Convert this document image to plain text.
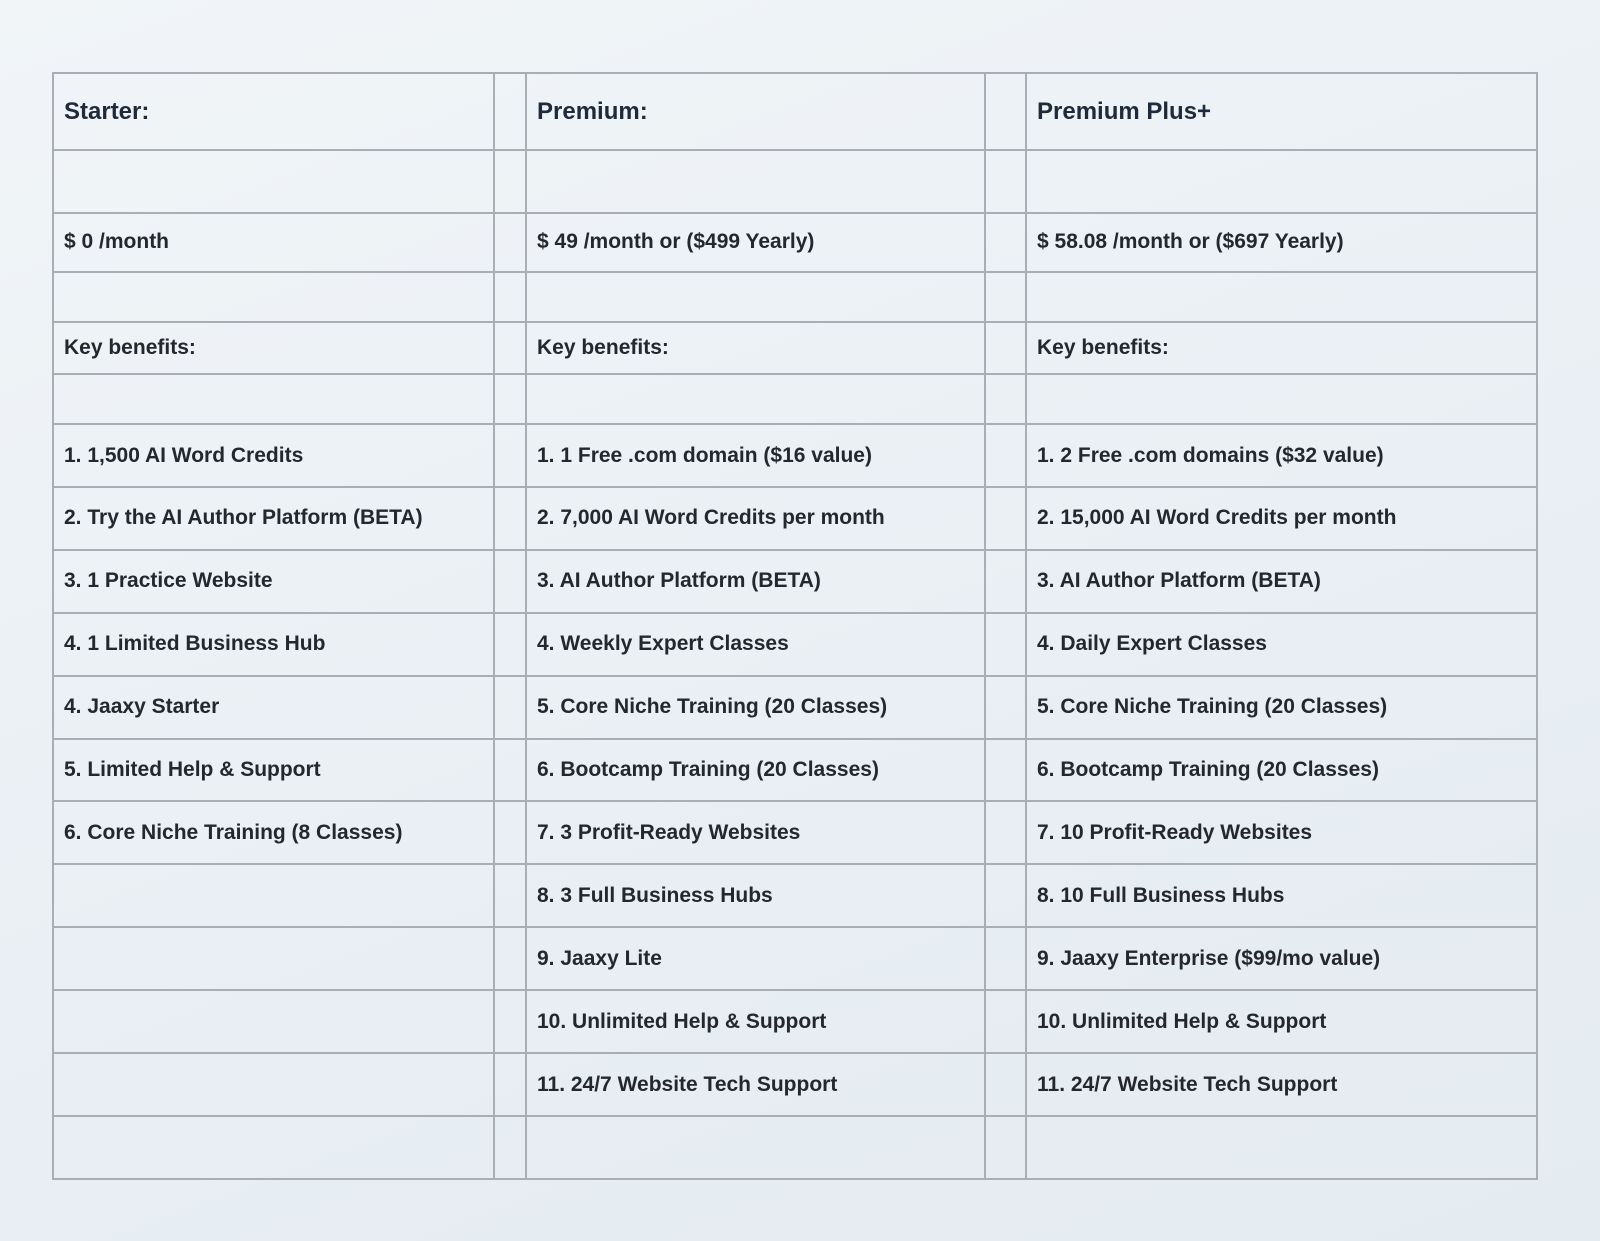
Starter:		Premium:		Premium Plus+

$ 0 /month		$ 49 /month or ($499 Yearly)		$ 58.08 /month or ($697 Yearly)

Key benefits:		Key benefits:		Key benefits:

1. 1,500 AI Word Credits		1. 1 Free .com domain ($16 value)		1. 2 Free .com domains ($32 value)
2. Try the AI Author Platform (BETA)		2. 7,000 AI Word Credits per month		2. 15,000 AI Word Credits per month
3. 1 Practice Website		3. AI Author Platform (BETA)		3. AI Author Platform (BETA)
4. 1 Limited Business Hub		4. Weekly Expert Classes		4. Daily Expert Classes
4. Jaaxy Starter		5. Core Niche Training (20 Classes)		5. Core Niche Training (20 Classes)
5. Limited Help & Support		6. Bootcamp Training (20 Classes)		6. Bootcamp Training (20 Classes)
6. Core Niche Training (8 Classes)		7. 3 Profit-Ready Websites		7. 10 Profit-Ready Websites
		8. 3 Full Business Hubs		8. 10 Full Business Hubs
		9. Jaaxy Lite		9. Jaaxy Enterprise ($99/mo value)
		10. Unlimited Help & Support		10. Unlimited Help & Support
		11. 24/7 Website Tech Support		11. 24/7 Website Tech Support
